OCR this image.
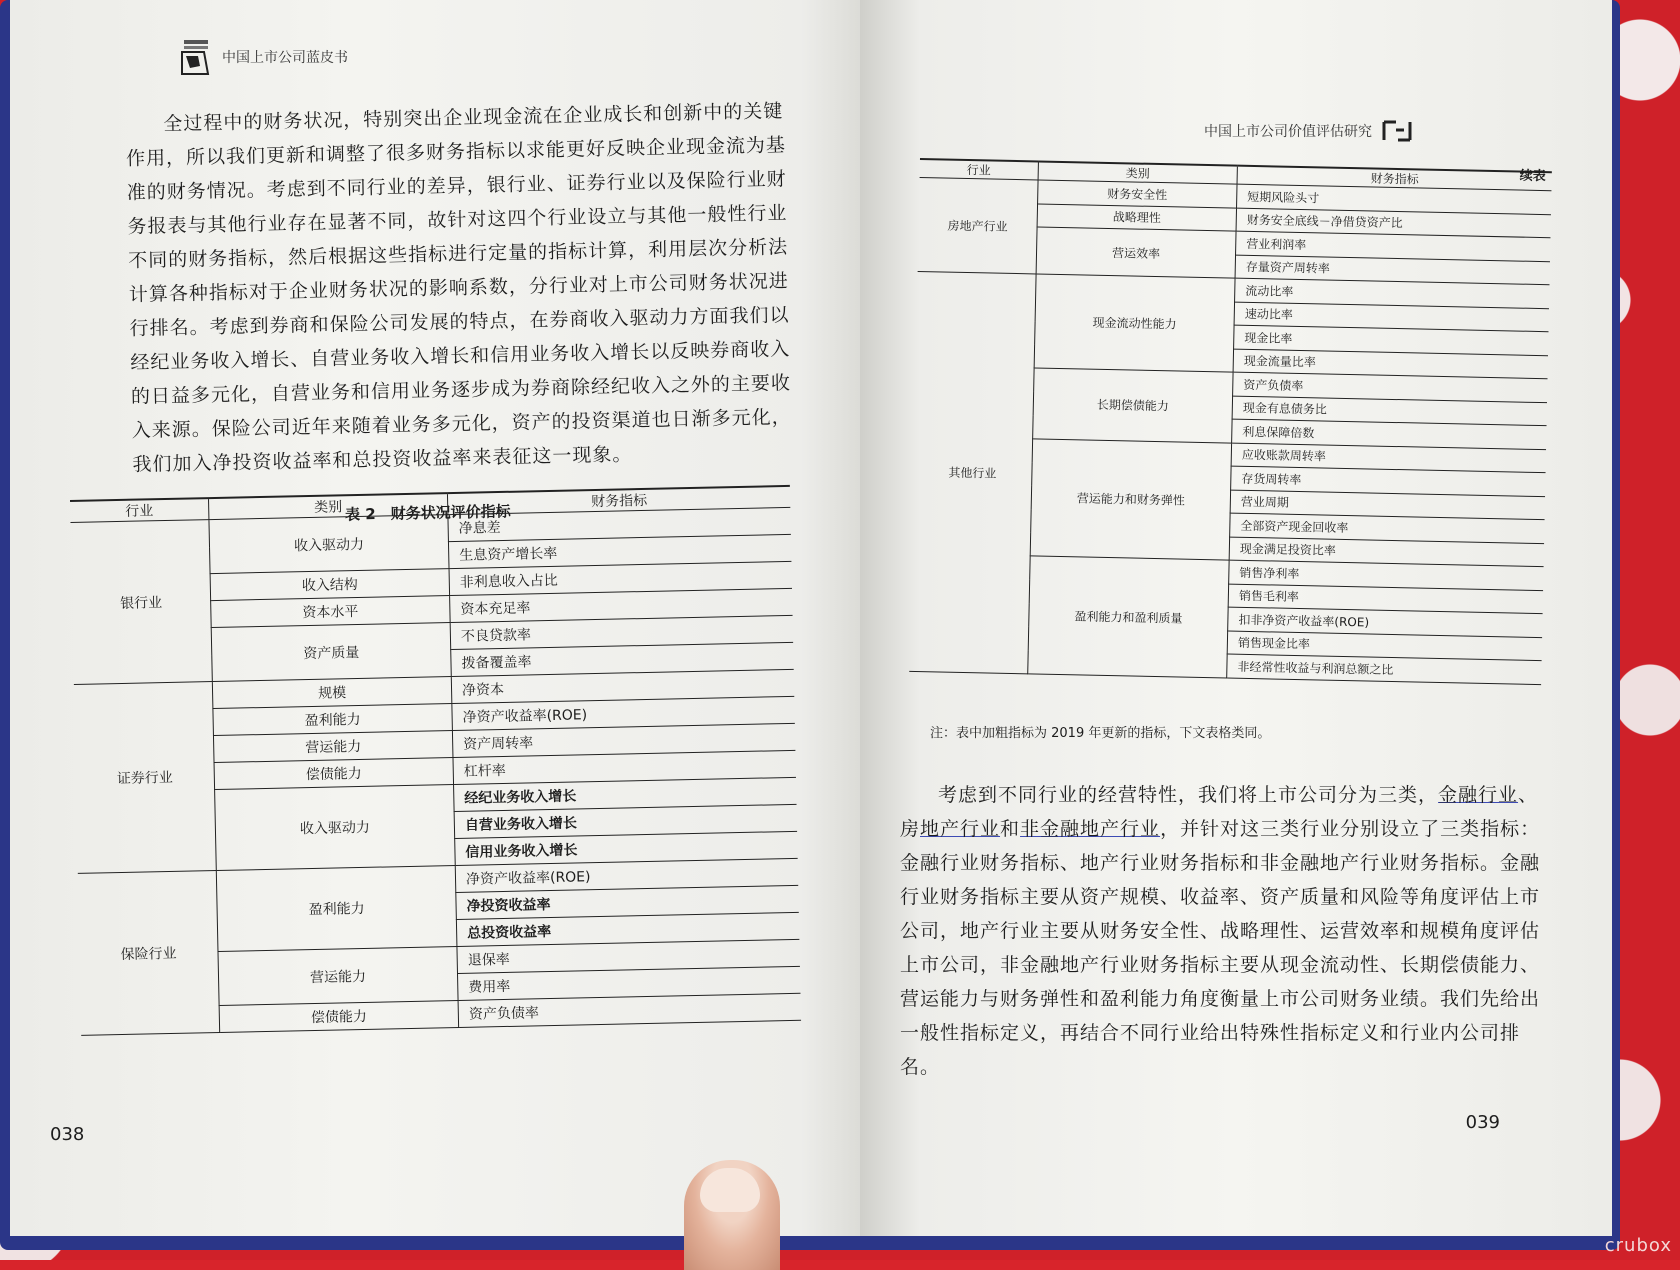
中国上市公司蓝皮书

全过程中的财务状况，特别突出企业现金流在企业成长和创新中的关键作用，所以我们更新和调整了很多财务指标以求能更好反映企业现金流为基准的财务情况。考虑到不同行业的差异，银行业、证券行业以及保险行业财务报表与其他行业存在显著不同，故针对这四个行业设立与其他一般性行业不同的财务指标，然后根据这些指标进行定量的指标计算，利用层次分析法计算各种指标对于企业财务状况的影响系数，分行业对上市公司财务状况进行排名。考虑到券商和保险公司发展的特点，在券商收入驱动力方面我们以经纪业务收入增长、自营业务收入增长和信用业务收入增长以反映券商收入的日益多元化，自营业务和信用业务逐步成为券商除经纪收入之外的主要收入来源。保险公司近年来随着业务多元化，资产的投资渠道也日渐多元化，我们加入净投资收益率和总投资收益率来表征这一现象。

表 2　财务状况评价指标
行业	类别	财务指标
银行业	收入驱动力	净息差
		生息资产增长率
	收入结构	非利息收入占比
	资本水平	资本充足率
	资产质量	不良贷款率
		拨备覆盖率
证券行业	规模	净资本
	盈利能力	净资产收益率(ROE)
	营运能力	资产周转率
	偿债能力	杠杆率
	收入驱动力	经纪业务收入增长
		自营业务收入增长
		信用业务收入增长
保险行业	盈利能力	净资产收益率(ROE)
		净投资收益率
		总投资收益率
	营运能力	退保率
		费用率
	偿债能力	资产负债率
038
中国上市公司价值评估研究
续表
行业	类别	财务指标
房地产行业	财务安全性	短期风险头寸
	战略理性	财务安全底线－净借贷资产比
	营运效率	营业利润率
		存量资产周转率
其他行业	现金流动性能力	流动比率
		速动比率
		现金比率
		现金流量比率
	长期偿债能力	资产负债率
		现金有息债务比
		利息保障倍数
	营运能力和财务弹性	应收账款周转率
		存货周转率
		营业周期
		全部资产现金回收率
		现金满足投资比率
	盈利能力和盈利质量	销售净利率
		销售毛利率
		扣非净资产收益率(ROE)
		销售现金比率
		非经常性收益与利润总额之比
注：表中加粗指标为 2019 年更新的指标，下文表格类同。

考虑到不同行业的经营特性，我们将上市公司分为三类，金融行业、房地产行业和非金融地产行业，并针对这三类行业分别设立了三类指标：金融行业财务指标、地产行业财务指标和非金融地产行业财务指标。金融行业财务指标主要从资产规模、收益率、资产质量和风险等角度评估上市公司，地产行业主要从财务安全性、战略理性、运营效率和规模角度评估上市公司，非金融地产行业财务指标主要从现金流动性、长期偿债能力、营运能力与财务弹性和盈利能力角度衡量上市公司财务业绩。我们先给出一般性指标定义，再结合不同行业给出特殊性指标定义和行业内公司排名。

039
crubox
